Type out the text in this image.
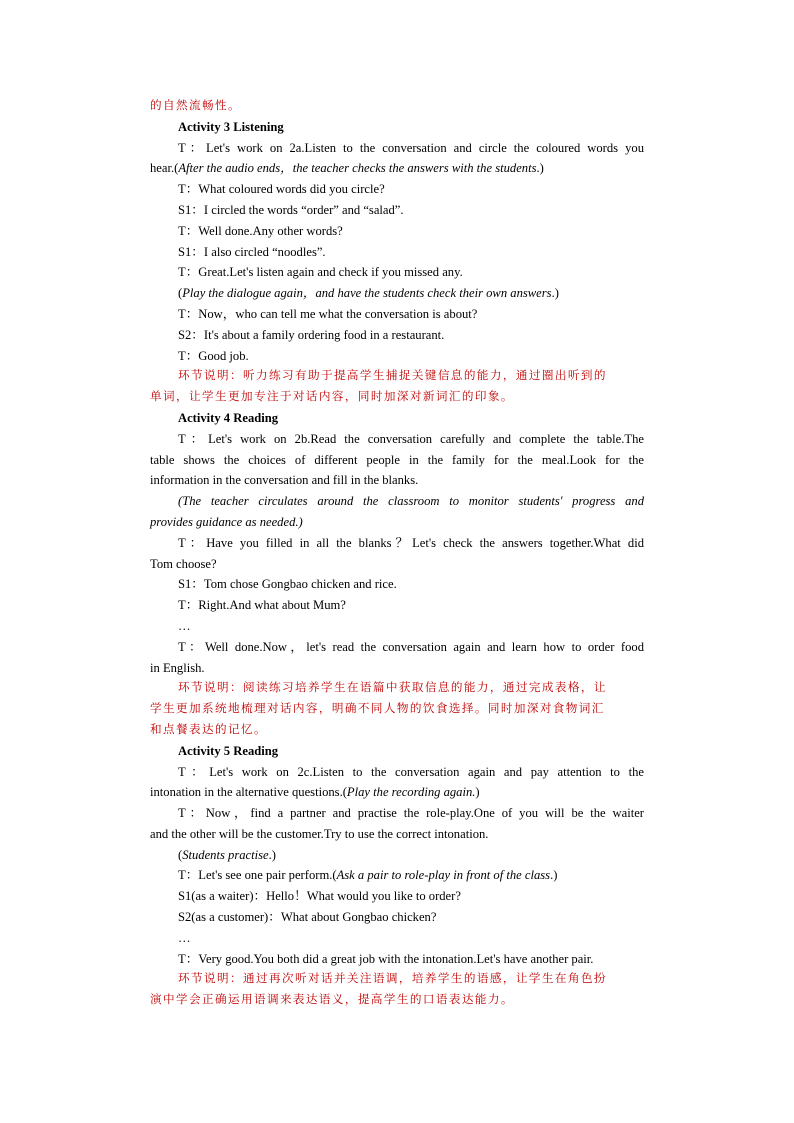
的自然流畅性。
Activity 3 Listening
T：Let's work on 2a.Listen to the conversation and circle the coloured words you
hear.(After the audio ends，the teacher checks the answers with the students.)
T：What coloured words did you circle?
S1：I circled the words “order” and “salad”.
T：Well done.Any other words?
S1：I also circled “noodles”.
T：Great.Let's listen again and check if you missed any.
(Play the dialogue again，and have the students check their own answers.)
T：Now，who can tell me what the conversation is about?
S2：It's about a family ordering food in a restaurant.
T：Good job.
环节说明：听力练习有助于提高学生捕捉关键信息的能力，通过圈出听到的
单词，让学生更加专注于对话内容，同时加深对新词汇的印象。
Activity 4 Reading
T：Let's work on 2b.Read the conversation carefully and complete the table.The
table shows the choices of different people in the family for the meal.Look for the
information in the conversation and fill in the blanks.
(The teacher circulates around the classroom to monitor students' progress and
provides guidance as needed.)
T：Have you filled in all the blanks？Let's check the answers together.What did
Tom choose?
S1：Tom chose Gongbao chicken and rice.
T：Right.And what about Mum?
…
T：Well done.Now，let's read the conversation again and learn how to order food
in English.
环节说明：阅读练习培养学生在语篇中获取信息的能力，通过完成表格，让
学生更加系统地梳理对话内容，明确不同人物的饮食选择。同时加深对食物词汇
和点餐表达的记忆。
Activity 5 Reading
T：Let's work on 2c.Listen to the conversation again and pay attention to the
intonation in the alternative questions.(Play the recording again.)
T：Now，find a partner and practise the role-play.One of you will be the waiter
and the other will be the customer.Try to use the correct intonation.
(Students practise.)
T：Let's see one pair perform.(Ask a pair to role-play in front of the class.)
S1(as a waiter)：Hello！What would you like to order?
S2(as a customer)：What about Gongbao chicken?
…
T：Very good.You both did a great job with the intonation.Let's have another pair.
环节说明：通过再次听对话并关注语调，培养学生的语感，让学生在角色扮
演中学会正确运用语调来表达语义，提高学生的口语表达能力。
